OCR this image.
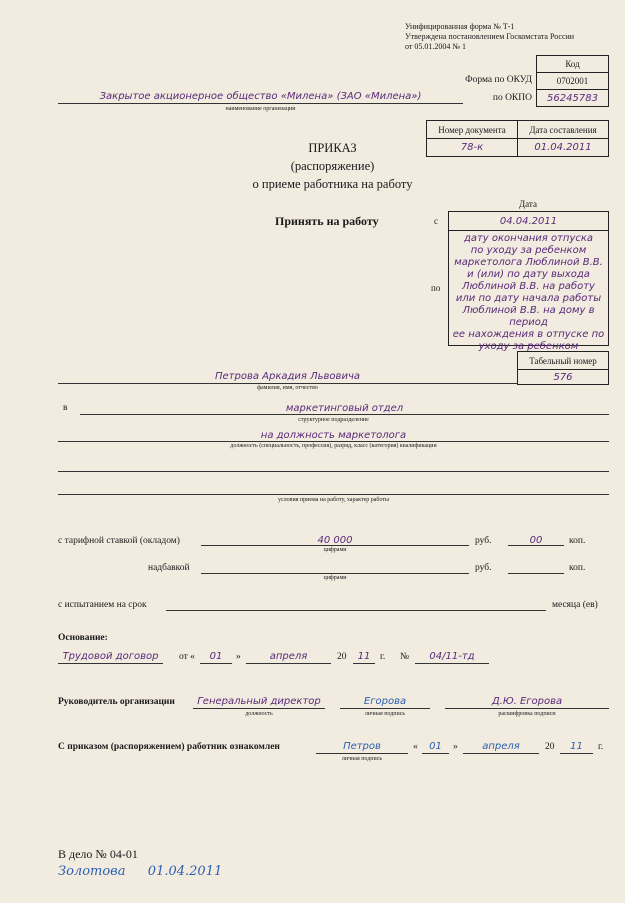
Унифицированная форма № Т-1
Утверждена постановлением Госкомстата России
от 05.01.2004 № 1
Код
0702001
56245783
Форма по ОКУД
по ОКПО
Закрытое акционерное общество «Милена» (ЗАО «Милена»)
наименование организации
Номер документа	Дата составления
78-к	01.04.2011
ПРИКАЗ
(распоряжение)
о приеме работника на работу
Принять на работу
Дата
с
по
04.04.2011
дату окончания отпуска
по уходу за ребенком
маркетолога Люблиной В.В.
и (или) по дату выхода
Люблиной В.В. на работу
или по дату начала работы
Люблиной В.В. на дому в период
ее нахождения в отпуске по
уходу за ребенком
Табельный номер
576
Петрова Аркадия Львовича
фамилия, имя, отчество
в	маркетинговый отдел
структурное подразделение
на должность маркетолога
должность (специальность, профессия), разряд, класс (категория) квалификации
условия приема на работу, характер работы
с тарифной ставкой (окладом)	40 000
цифрами
руб.	00	коп.
надбавкой
цифрами
руб.	коп.
с испытанием на срок	месяца (ев)
Основание:
Трудовой договор	от «	01	»	апреля	20	11	г. №	04/11-тд
Руководитель организации	Генеральный директор
должность
Егорова
личная подпись
Д.Ю. Егорова
расшифровка подписи
С приказом (распоряжением) работник ознакомлен	Петров
личная подпись
«	01	»	апреля	20	11	г.
В дело № 04-01
Золотова 01.04.2011
